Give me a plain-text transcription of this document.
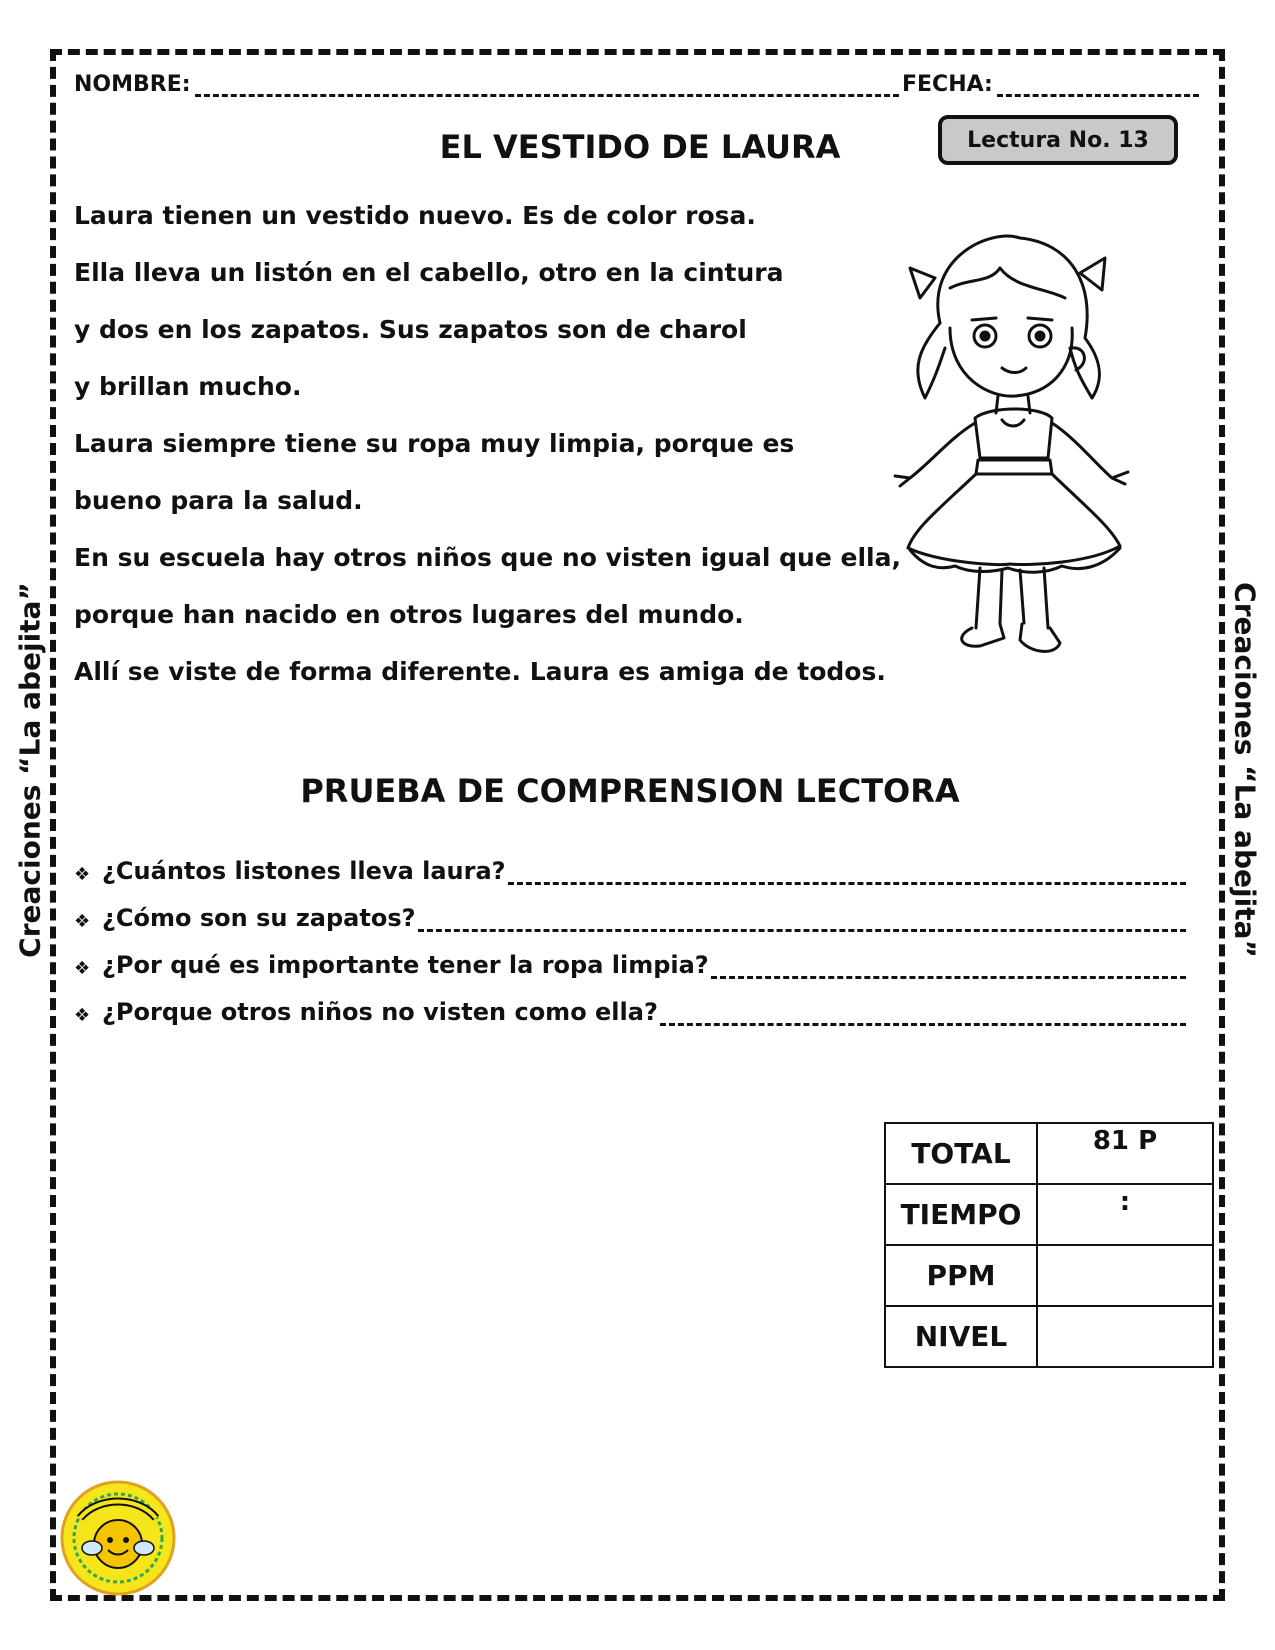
Creaciones “La abejita”	Creaciones “La abejita”
NOMBRE:	FECHA:
EL VESTIDO DE LAURA	Lectura No. 13

Laura tienen un vestido nuevo. Es de color rosa.

Ella lleva un listón en el cabello, otro en la cintura

y dos en los zapatos. Sus zapatos son de charol

y brillan mucho.

Laura siempre tiene su ropa muy limpia, porque es

bueno para la salud.

En su escuela hay otros niños que no visten igual que ella,

porque han nacido en otros lugares del mundo.

Allí se viste de forma diferente. Laura es amiga de todos.

PRUEBA DE COMPRENSION LECTORA
❖ ¿Cuántos listones lleva laura?
❖ ¿Cómo son su zapatos?
❖ ¿Por qué es importante tener la ropa limpia?
❖ ¿Porque otros niños no visten como ella?
TOTAL	81 P
TIEMPO	:
PPM	
NIVEL	
